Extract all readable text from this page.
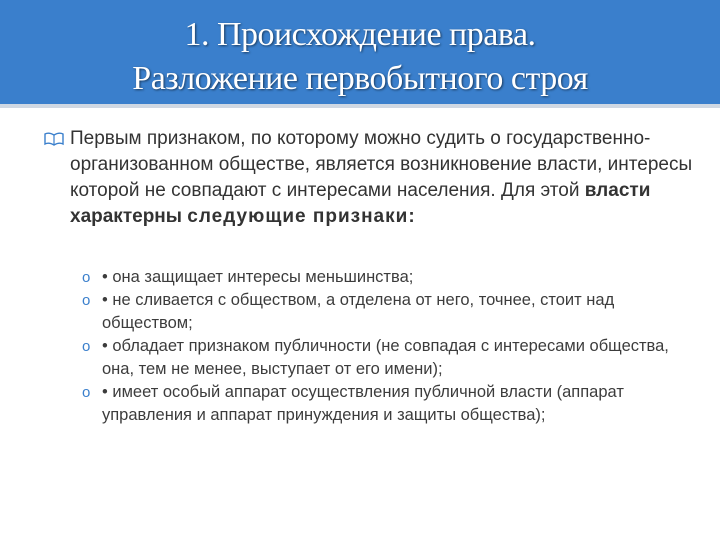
1. Происхождение права.
Разложение первобытного строя
Первым признаком, по которому можно судить о государственно-организованном обществе, является возникновение власти, интересы которой не совпадают с интересами населения. Для этой власти характерны следующие признаки:
o • она защищает интересы меньшинства;
o • не сливается с обществом, а отделена от него, точнее, стоит над обществом;
o • обладает признаком публичности (не совпадая с интересами общества, она, тем не менее, выступает от его имени);
o • имеет особый аппарат осуществления публичной власти (аппарат управления и аппарат принуждения и защиты общества);
